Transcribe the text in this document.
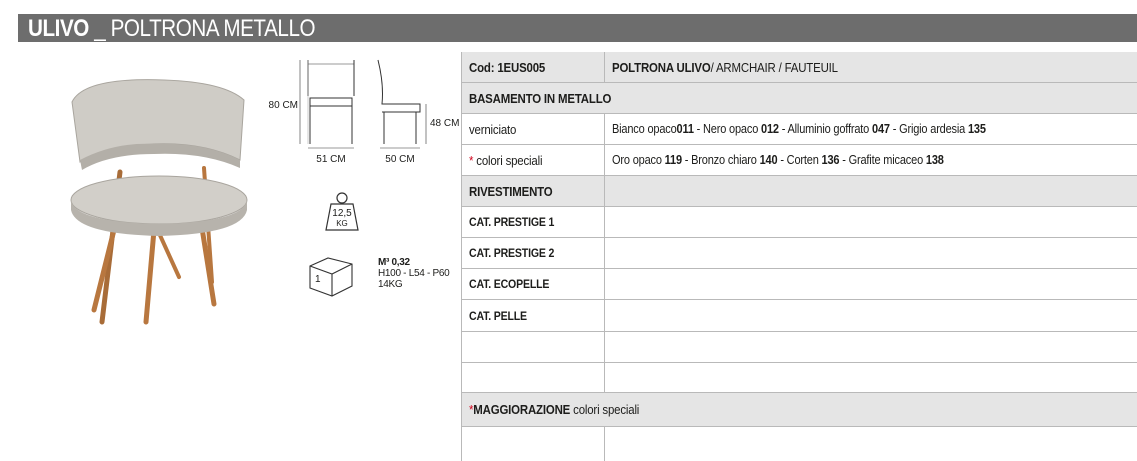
ULIVO _ POLTRONA METALLO
80 CM
48 CM
51 CM	50 CM
12,5
KG
1
M³ 0,32
H100 - L54 - P60
14KG
Cod: 1EUS005	POLTRONA ULIVO / ARMCHAIR / FAUTEUIL
BASAMENTO IN METALLO
verniciato	Bianco opaco 011 - Nero opaco 012 - Alluminio goffrato 047 - Grigio ardesia 135
* colori speciali	Oro opaco 119 - Bronzo chiaro 140 - Corten 136 - Grafite micaceo 138
RIVESTIMENTO
CAT. PRESTIGE 1
CAT. PRESTIGE 2
CAT. ECOPELLE
CAT. PELLE
* MAGGIORAZIONE colori speciali
